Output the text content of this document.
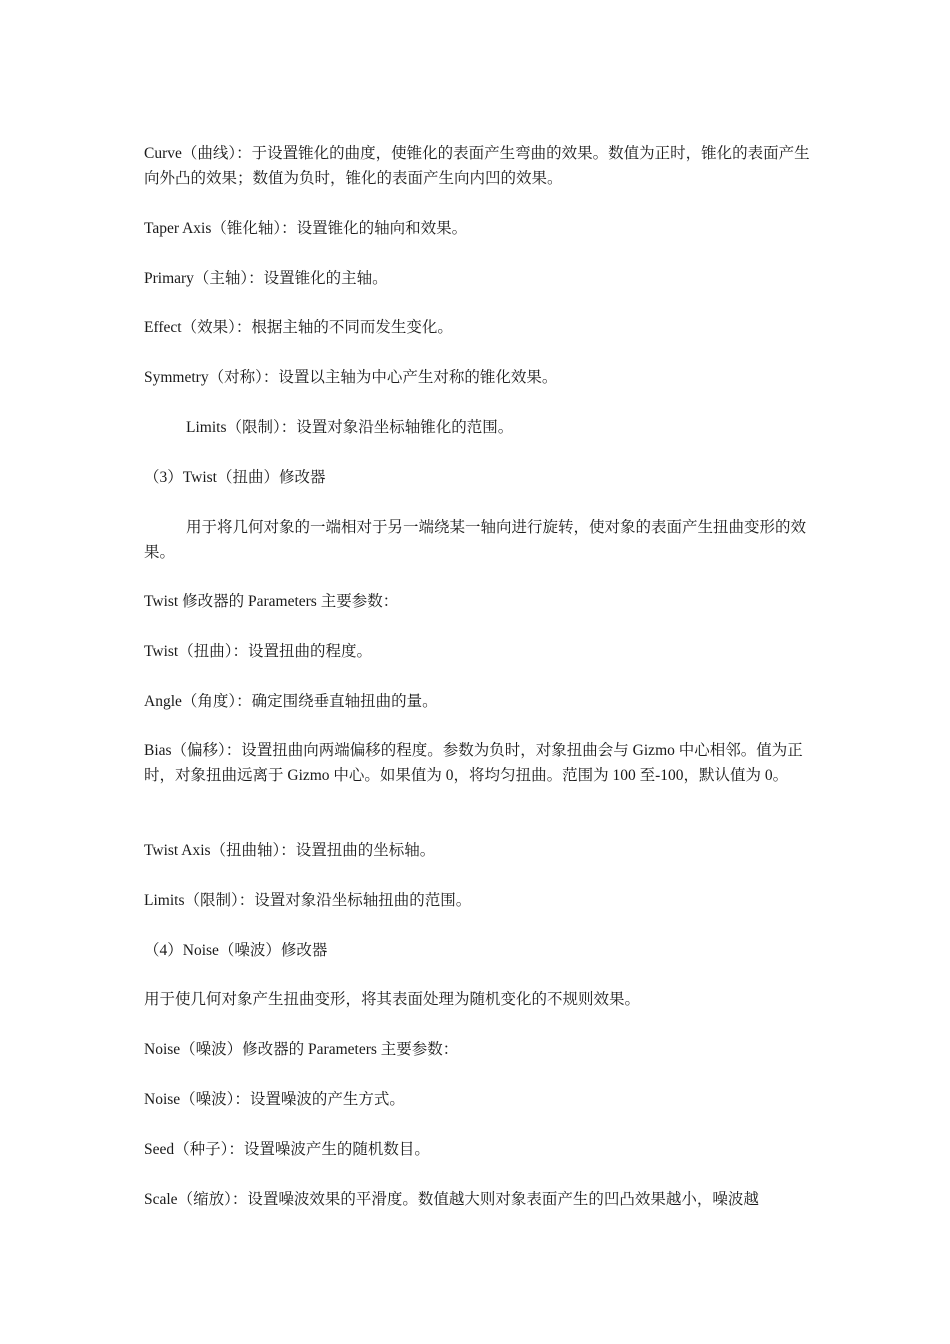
Curve（曲线）：于设置锥化的曲度，使锥化的表面产生弯曲的效果。数值为正时，锥化的表面产生向外凸的效果；数值为负时，锥化的表面产生向内凹的效果。

Taper Axis（锥化轴）：设置锥化的轴向和效果。

Primary（主轴）：设置锥化的主轴。

Effect（效果）：根据主轴的不同而发生变化。

Symmetry（对称）：设置以主轴为中心产生对称的锥化效果。

Limits（限制）：设置对象沿坐标轴锥化的范围。

（3）Twist（扭曲）修改器

用于将几何对象的一端相对于另一端绕某一轴向进行旋转，使对象的表面产生扭曲变形的效果。

Twist 修改器的 Parameters 主要参数：

Twist（扭曲）：设置扭曲的程度。

Angle（角度）：确定围绕垂直轴扭曲的量。

Bias（偏移）：设置扭曲向两端偏移的程度。参数为负时，对象扭曲会与 Gizmo 中心相邻。值为正时，对象扭曲远离于 Gizmo 中心。如果值为 0，将均匀扭曲。范围为 100 至-100，默认值为 0。

Twist Axis（扭曲轴）：设置扭曲的坐标轴。

Limits（限制）：设置对象沿坐标轴扭曲的范围。

（4）Noise（噪波）修改器

用于使几何对象产生扭曲变形，将其表面处理为随机变化的不规则效果。

Noise（噪波）修改器的 Parameters 主要参数：

Noise（噪波）：设置噪波的产生方式。

Seed（种子）：设置噪波产生的随机数目。

Scale（缩放）：设置噪波效果的平滑度。数值越大则对象表面产生的凹凸效果越小，噪波越
